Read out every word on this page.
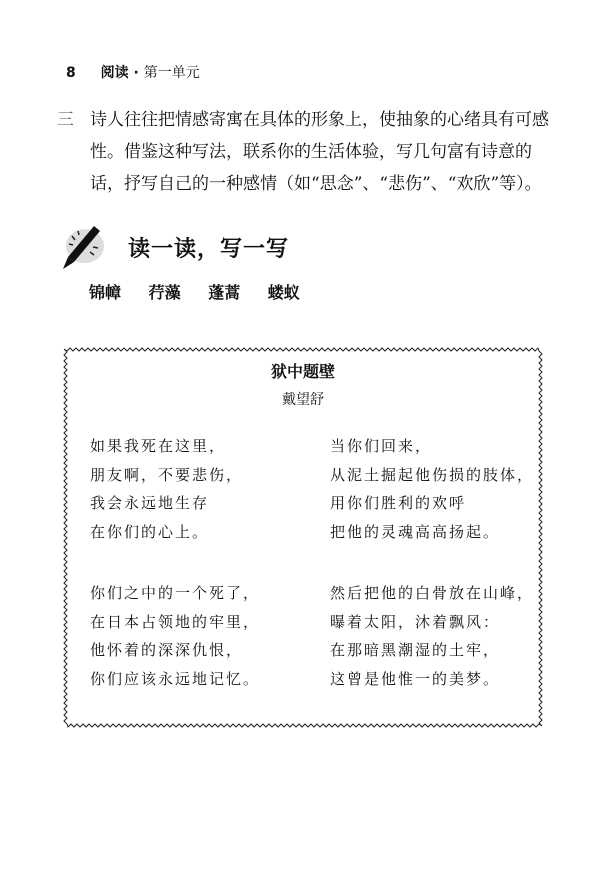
8 阅读 · 第一单元
三 诗人往往把情感寄寓在具体的形象上，使抽象的心绪具有可感性。借鉴这种写法，联系你的生活体验，写几句富有诗意的话，抒写自己的一种感情（如“思念”、“悲伤”、“欢欣”等）。
读一读，写一写
锦幛 荇藻 蓬蒿 蝼蚁
狱中题壁
戴望舒
如果我死在这里，
朋友啊，不要悲伤，
我会永远地生存
在你们的心上。
当你们回来，
从泥土掘起他伤损的肢体，
用你们胜利的欢呼
把他的灵魂高高扬起。
你们之中的一个死了，
在日本占领地的牢里，
他怀着的深深仇恨，
你们应该永远地记忆。
然后把他的白骨放在山峰，
曝着太阳，沐着飘风：
在那暗黑潮湿的土牢，
这曾是他惟一的美梦。
